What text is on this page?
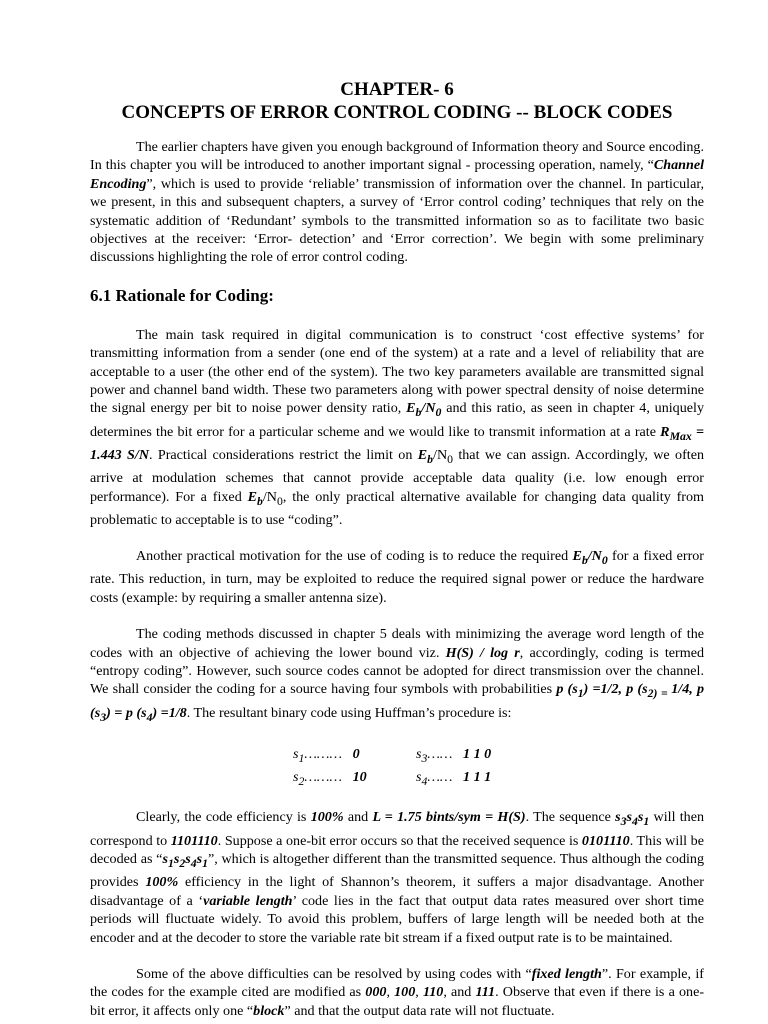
CHAPTER- 6
CONCEPTS OF ERROR CONTROL CODING -- BLOCK CODES

The earlier chapters have given you enough background of Information theory and Source encoding. In this chapter you will be introduced to another important signal - processing operation, namely, “Channel Encoding”, which is used to provide ‘reliable’ transmission of information over the channel. In particular, we present, in this and subsequent chapters, a survey of ‘Error control coding’ techniques that rely on the systematic addition of ‘Redundant’ symbols to the transmitted information so as to facilitate two basic objectives at the receiver: ‘Error- detection’ and ‘Error correction’. We begin with some preliminary discussions highlighting the role of error control coding.

6.1 Rationale for Coding:

The main task required in digital communication is to construct ‘cost effective systems’ for transmitting information from a sender (one end of the system) at a rate and a level of reliability that are acceptable to a user (the other end of the system). The two key parameters available are transmitted signal power and channel band width. These two parameters along with power spectral density of noise determine the signal energy per bit to noise power density ratio, $E_b/N_0$ and this ratio, as seen in chapter 4, uniquely determines the bit error for a particular scheme and we would like to transmit information at a rate $R_{Max} = 1.443$ S/N. Practical considerations restrict the limit on $E_b/N_0$ that we can assign. Accordingly, we often arrive at modulation schemes that cannot provide acceptable data quality (i.e. low enough error performance). For a fixed $E_b/N_0$, the only practical alternative available for changing data quality from problematic to acceptable is to use “coding”.

Another practical motivation for the use of coding is to reduce the required $E_b/N_0$ for a fixed error rate. This reduction, in turn, may be exploited to reduce the required signal power or reduce the hardware costs (example: by requiring a smaller antenna size).

The coding methods discussed in chapter 5 deals with minimizing the average word length of the codes with an objective of achieving the lower bound viz. H(S) / log r, accordingly, coding is termed “entropy coding”. However, such source codes cannot be adopted for direct transmission over the channel. We shall consider the coding for a source having four symbols with probabilities p $(s_1) =1/2$, p ($s_{2) =}$ 1/4, p $(s_3) = p$ $(s_4) =1/8$. The resultant binary code using Huffman’s procedure is:

$s_1\dots\dots\dots$ 0	$s_3\dots\dots$ 1 1 0
$s_2\dots\dots\dots$ 10	$s_4\dots\dots$ 1 1 1

Clearly, the code efficiency is 100% and L = 1.75 bints/sym = H(S). The sequence $s_3s_4s_1$ will then correspond to 1101110. Suppose a one-bit error occurs so that the received sequence is 0101110. This will be decoded as “$s_1s_2s_4s_1$”, which is altogether different than the transmitted sequence. Thus although the coding provides 100% efficiency in the light of Shannon’s theorem, it suffers a major disadvantage. Another disadvantage of a ‘variable length’ code lies in the fact that output data rates measured over short time periods will fluctuate widely. To avoid this problem, buffers of large length will be needed both at the encoder and at the decoder to store the variable rate bit stream if a fixed output rate is to be maintained.

Some of the above difficulties can be resolved by using codes with “fixed length”. For example, if the codes for the example cited are modified as 000, 100, 110, and 111. Observe that even if there is a one-bit error, it affects only one “block” and that the output data rate will not fluctuate.
